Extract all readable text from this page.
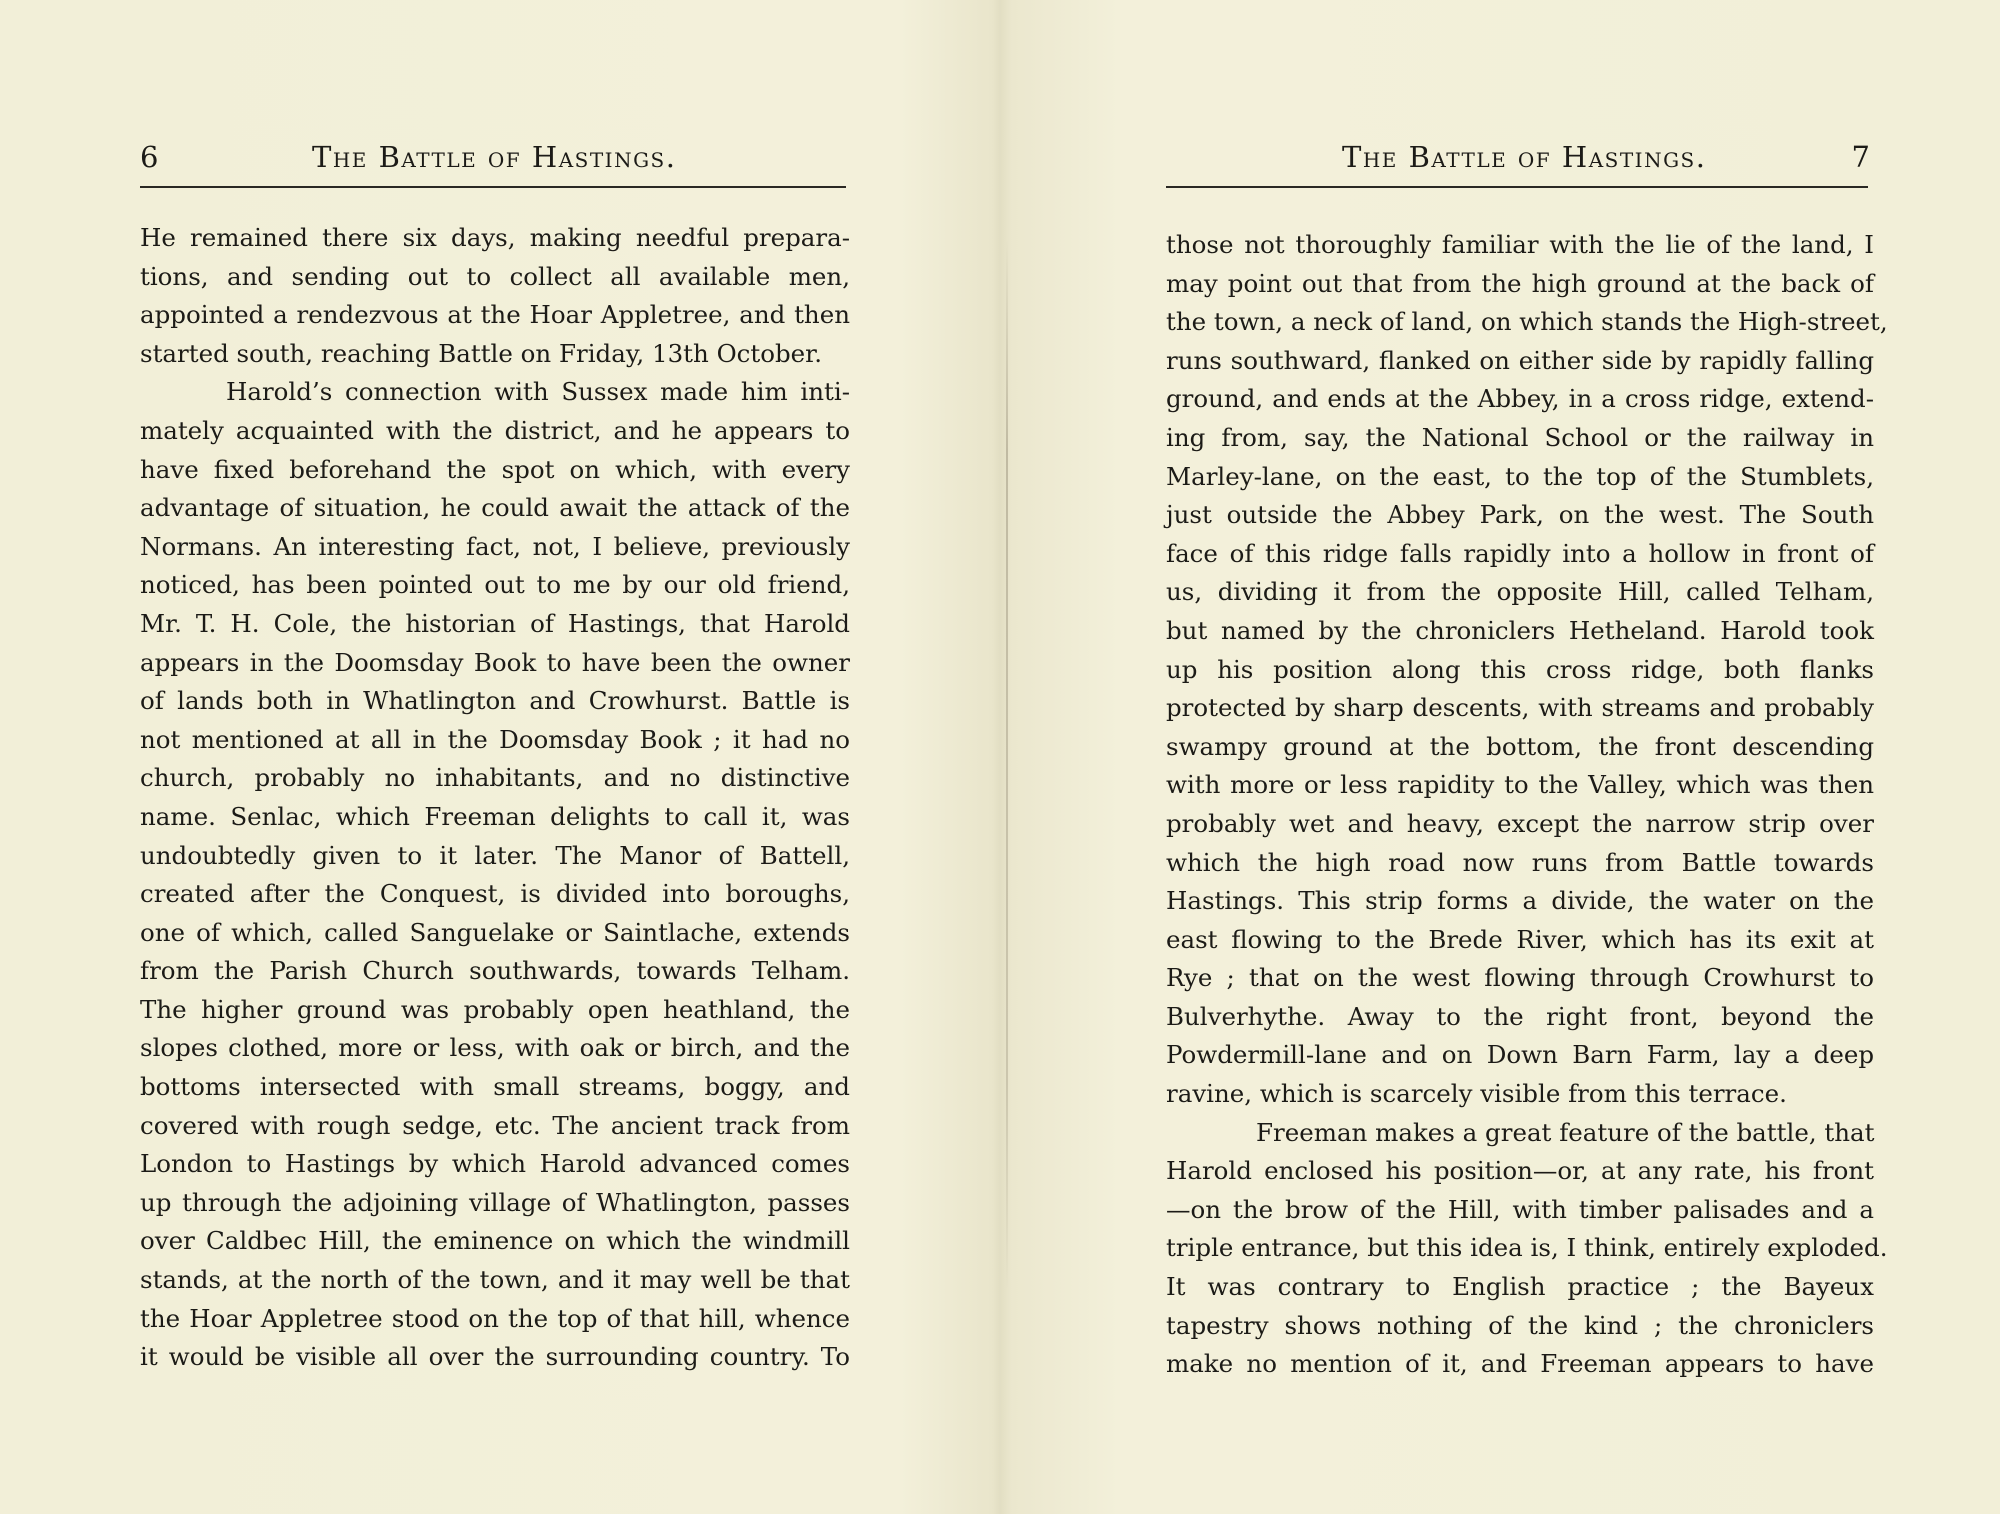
6	The Battle of Hastings.
He remained there six days, making needful prepara-
tions, and sending out to collect all available men,
appointed a rendezvous at the Hoar Appletree, and then
started south, reaching Battle on Friday, 13th October.
Harold’s connection with Sussex made him inti-
mately acquainted with the district, and he appears to
have fixed beforehand the spot on which, with every
advantage of situation, he could await the attack of the
Normans. An interesting fact, not, I believe, previously
noticed, has been pointed out to me by our old friend,
Mr. T. H. Cole, the historian of Hastings, that Harold
appears in the Doomsday Book to have been the owner
of lands both in Whatlington and Crowhurst. Battle is
not mentioned at all in the Doomsday Book ; it had no
church, probably no inhabitants, and no distinctive
name. Senlac, which Freeman delights to call it, was
undoubtedly given to it later. The Manor of Battell,
created after the Conquest, is divided into boroughs,
one of which, called Sanguelake or Saintlache, extends
from the Parish Church southwards, towards Telham.
The higher ground was probably open heathland, the
slopes clothed, more or less, with oak or birch, and the
bottoms intersected with small streams, boggy, and
covered with rough sedge, etc. The ancient track from
London to Hastings by which Harold advanced comes
up through the adjoining village of Whatlington, passes
over Caldbec Hill, the eminence on which the windmill
stands, at the north of the town, and it may well be that
the Hoar Appletree stood on the top of that hill, whence
it would be visible all over the surrounding country. To
The Battle of Hastings.	7
those not thoroughly familiar with the lie of the land, I
may point out that from the high ground at the back of
the town, a neck of land, on which stands the High-street,
runs southward, flanked on either side by rapidly falling
ground, and ends at the Abbey, in a cross ridge, extend-
ing from, say, the National School or the railway in
Marley-lane, on the east, to the top of the Stumblets,
just outside the Abbey Park, on the west. The South
face of this ridge falls rapidly into a hollow in front of
us, dividing it from the opposite Hill, called Telham,
but named by the chroniclers Hetheland. Harold took
up his position along this cross ridge, both flanks
protected by sharp descents, with streams and probably
swampy ground at the bottom, the front descending
with more or less rapidity to the Valley, which was then
probably wet and heavy, except the narrow strip over
which the high road now runs from Battle towards
Hastings. This strip forms a divide, the water on the
east flowing to the Brede River, which has its exit at
Rye ; that on the west flowing through Crowhurst to
Bulverhythe. Away to the right front, beyond the
Powdermill-lane and on Down Barn Farm, lay a deep
ravine, which is scarcely visible from this terrace.
Freeman makes a great feature of the battle, that
Harold enclosed his position—or, at any rate, his front
—on the brow of the Hill, with timber palisades and a
triple entrance, but this idea is, I think, entirely exploded.
It was contrary to English practice ; the Bayeux
tapestry shows nothing of the kind ; the chroniclers
make no mention of it, and Freeman appears to have
